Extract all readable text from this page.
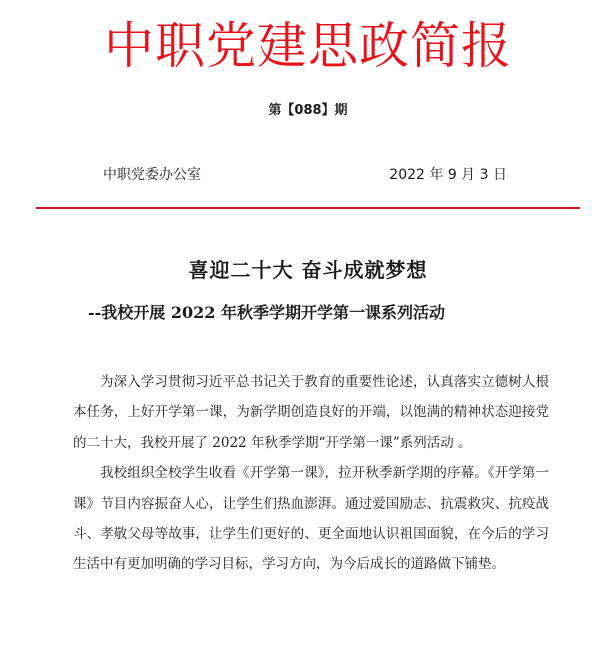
中职党建思政简报
第【088】期
中职党委办公室	2022 年 9 月 3 日
喜迎二十大 奋斗成就梦想
--我校开展 2022 年秋季学期开学第一课系列活动

为深入学习贯彻习近平总书记关于教育的重要性论述，认真落实立德树人根本任务，上好开学第一课，为新学期创造良好的开端，以饱满的精神状态迎接党的二十大，我校开展了 2022 年秋季学期“开学第一课”系列活动 。

我校组织全校学生收看《开学第一课》，拉开秋季新学期的序幕。《开学第一课》节目内容振奋人心，让学生们热血澎湃。通过爱国励志、抗震救灾、抗疫战斗、孝敬父母等故事，让学生们更好的、更全面地认识祖国面貌，在今后的学习生活中有更加明确的学习目标，学习方向，为今后成长的道路做下铺垫。
